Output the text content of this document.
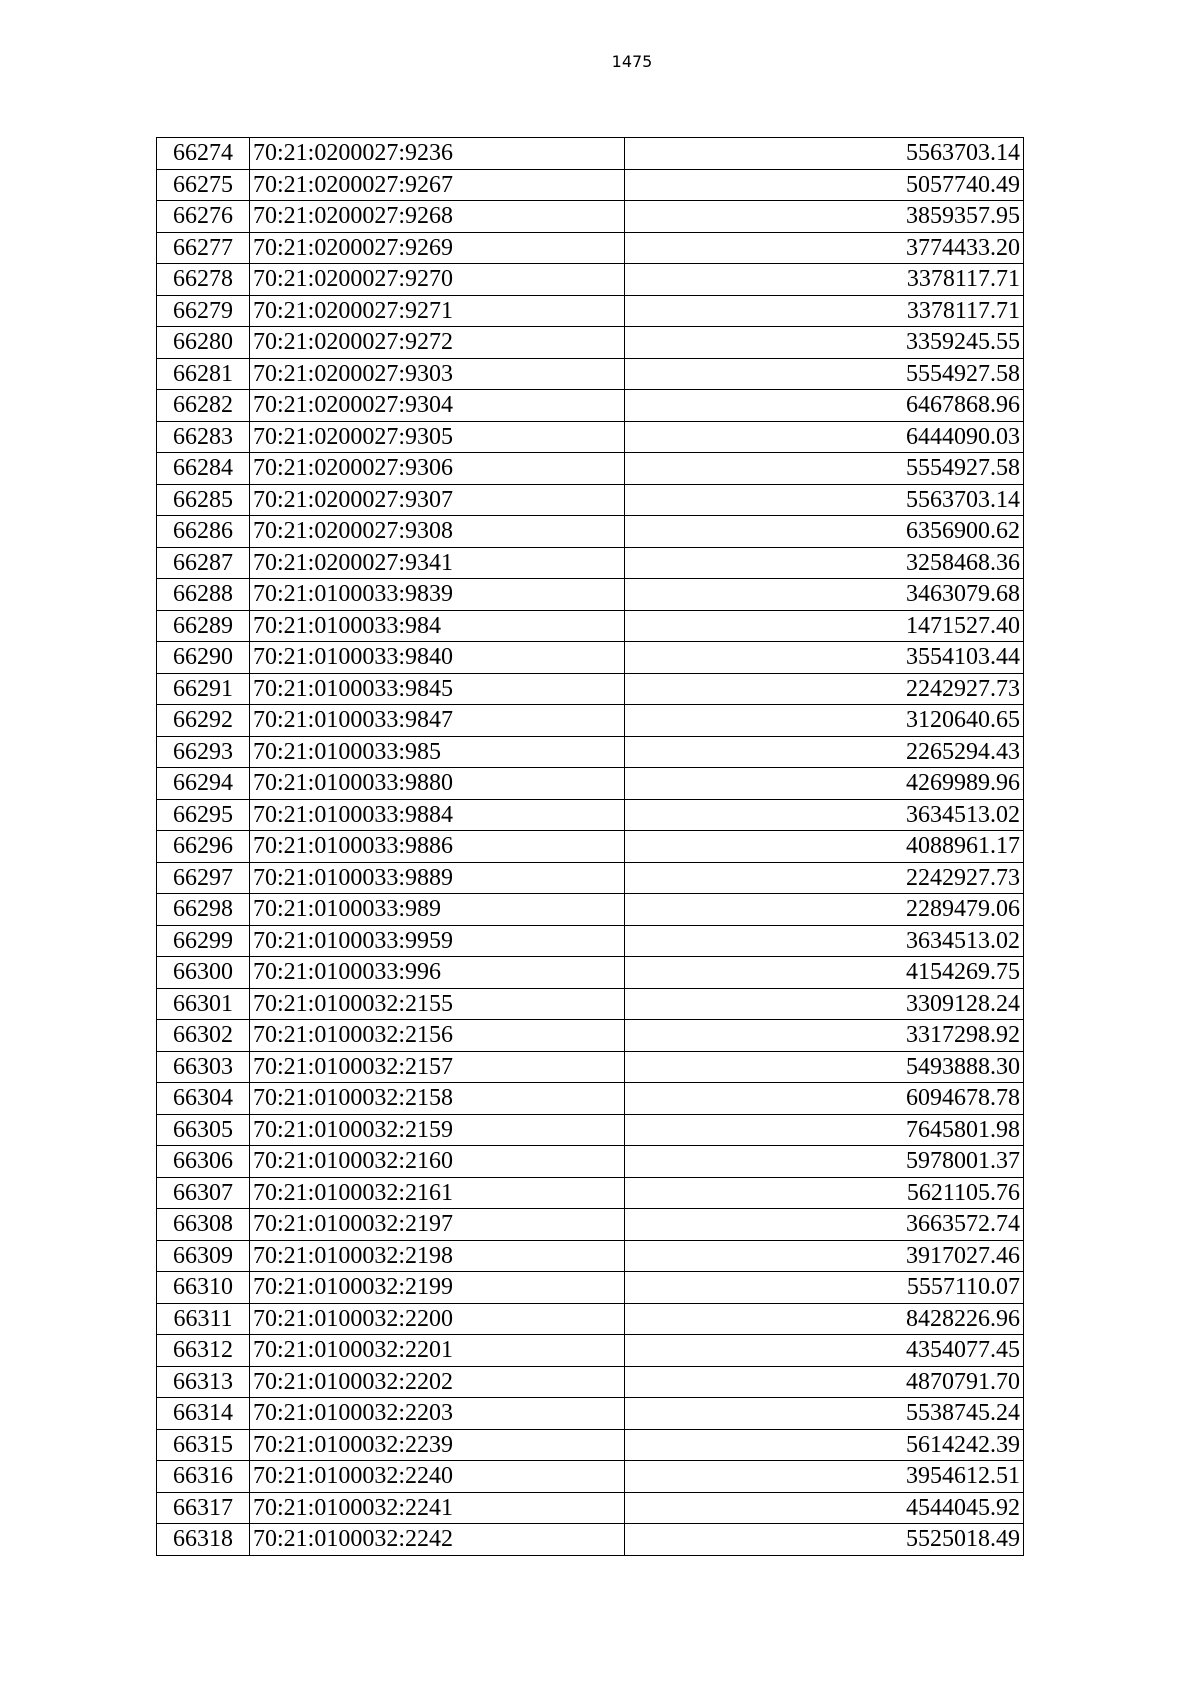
1475
66274	70:21:0200027:9236	5563703.14
66275	70:21:0200027:9267	5057740.49
66276	70:21:0200027:9268	3859357.95
66277	70:21:0200027:9269	3774433.20
66278	70:21:0200027:9270	3378117.71
66279	70:21:0200027:9271	3378117.71
66280	70:21:0200027:9272	3359245.55
66281	70:21:0200027:9303	5554927.58
66282	70:21:0200027:9304	6467868.96
66283	70:21:0200027:9305	6444090.03
66284	70:21:0200027:9306	5554927.58
66285	70:21:0200027:9307	5563703.14
66286	70:21:0200027:9308	6356900.62
66287	70:21:0200027:9341	3258468.36
66288	70:21:0100033:9839	3463079.68
66289	70:21:0100033:984	1471527.40
66290	70:21:0100033:9840	3554103.44
66291	70:21:0100033:9845	2242927.73
66292	70:21:0100033:9847	3120640.65
66293	70:21:0100033:985	2265294.43
66294	70:21:0100033:9880	4269989.96
66295	70:21:0100033:9884	3634513.02
66296	70:21:0100033:9886	4088961.17
66297	70:21:0100033:9889	2242927.73
66298	70:21:0100033:989	2289479.06
66299	70:21:0100033:9959	3634513.02
66300	70:21:0100033:996	4154269.75
66301	70:21:0100032:2155	3309128.24
66302	70:21:0100032:2156	3317298.92
66303	70:21:0100032:2157	5493888.30
66304	70:21:0100032:2158	6094678.78
66305	70:21:0100032:2159	7645801.98
66306	70:21:0100032:2160	5978001.37
66307	70:21:0100032:2161	5621105.76
66308	70:21:0100032:2197	3663572.74
66309	70:21:0100032:2198	3917027.46
66310	70:21:0100032:2199	5557110.07
66311	70:21:0100032:2200	8428226.96
66312	70:21:0100032:2201	4354077.45
66313	70:21:0100032:2202	4870791.70
66314	70:21:0100032:2203	5538745.24
66315	70:21:0100032:2239	5614242.39
66316	70:21:0100032:2240	3954612.51
66317	70:21:0100032:2241	4544045.92
66318	70:21:0100032:2242	5525018.49
